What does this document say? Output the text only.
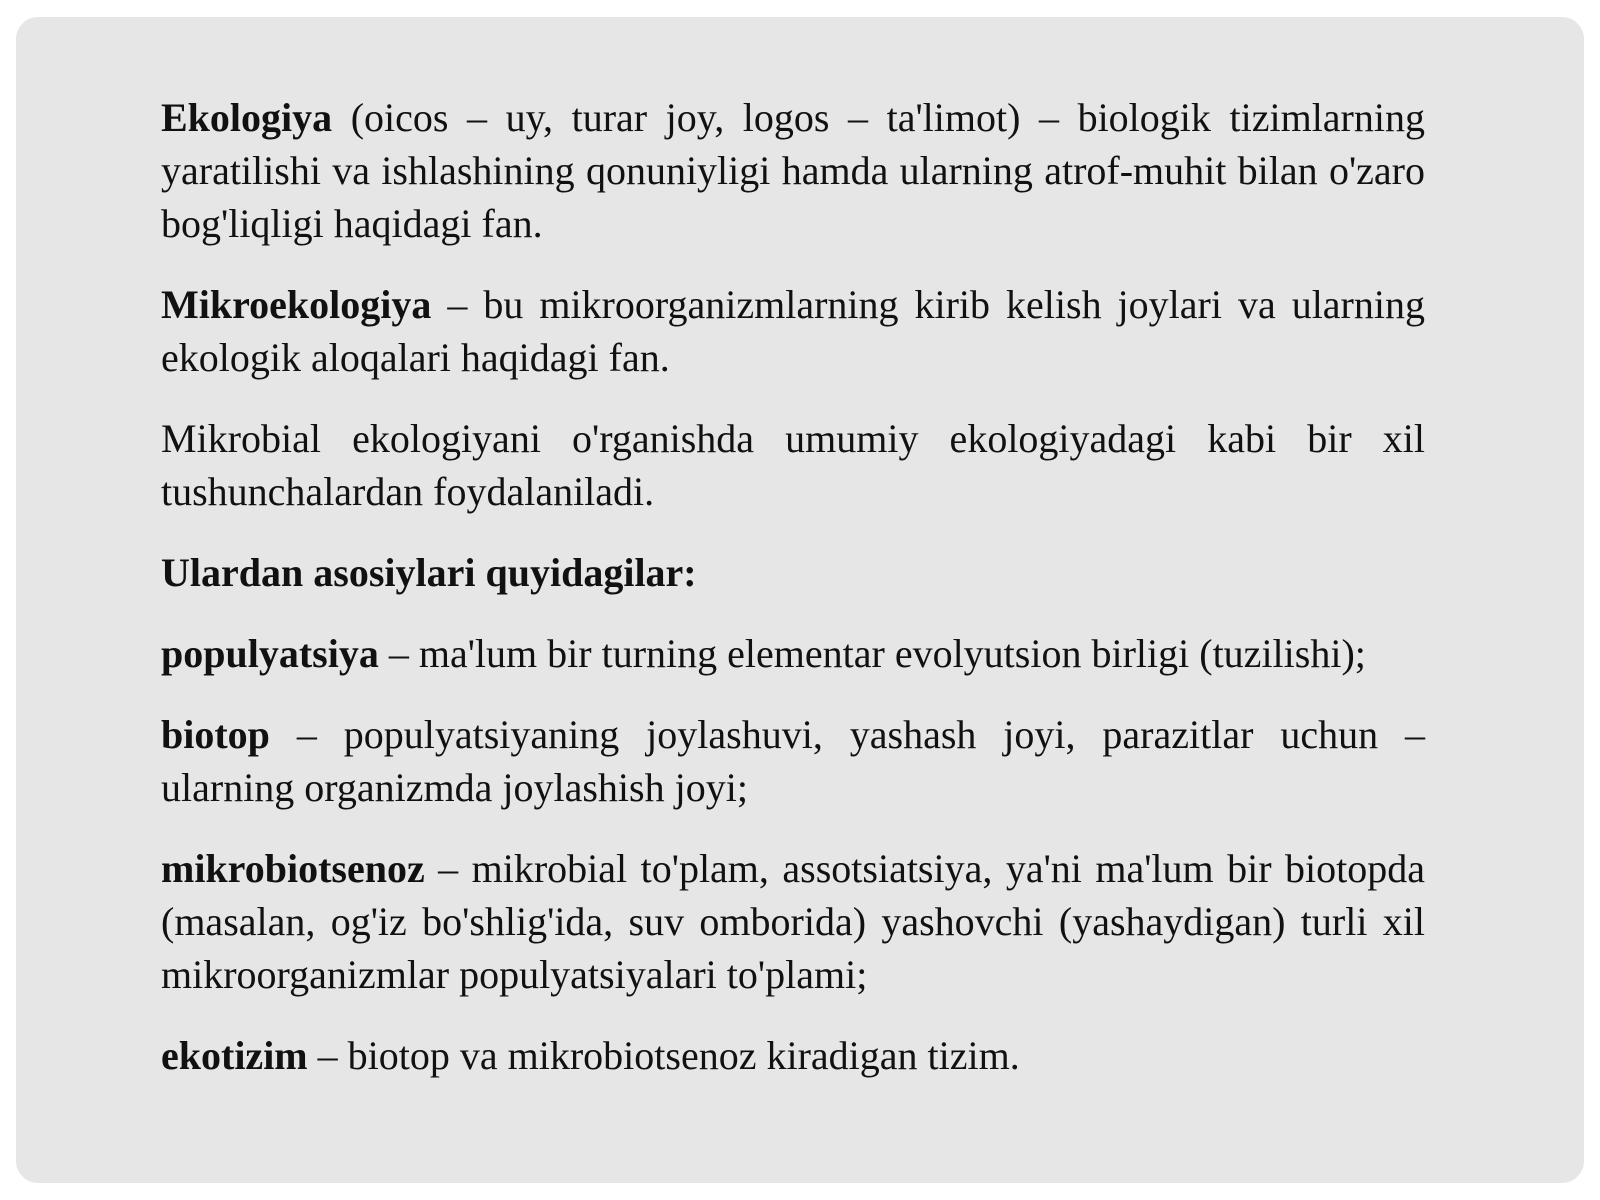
Ekologiya (oicos – uy, turar joy, logos – ta'limot) – biologik tizimlarning yaratilishi va ishlashining qonuniyligi hamda ularning atrof-muhit bilan o'zaro bog'liqligi haqidagi fan.

Mikroekologiya – bu mikroorganizmlarning kirib kelish joylari va ularning ekologik aloqalari haqidagi fan.

Mikrobial ekologiyani o'rganishda umumiy ekologiyadagi kabi bir xil tushunchalardan foydalaniladi.

Ulardan asosiylari quyidagilar:

populyatsiya – ma'lum bir turning elementar evolyutsion birligi (tuzilishi);

biotop – populyatsiyaning joylashuvi, yashash joyi, parazitlar uchun – ularning organizmda joylashish joyi;

mikrobiotsenoz – mikrobial to'plam, assotsiatsiya, ya'ni ma'lum bir biotopda (masalan, og'iz bo'shlig'ida, suv omborida) yashovchi (yashaydigan) turli xil mikroorganizmlar populyatsiyalari to'plami;

ekotizim – biotop va mikrobiotsenoz kiradigan tizim.
